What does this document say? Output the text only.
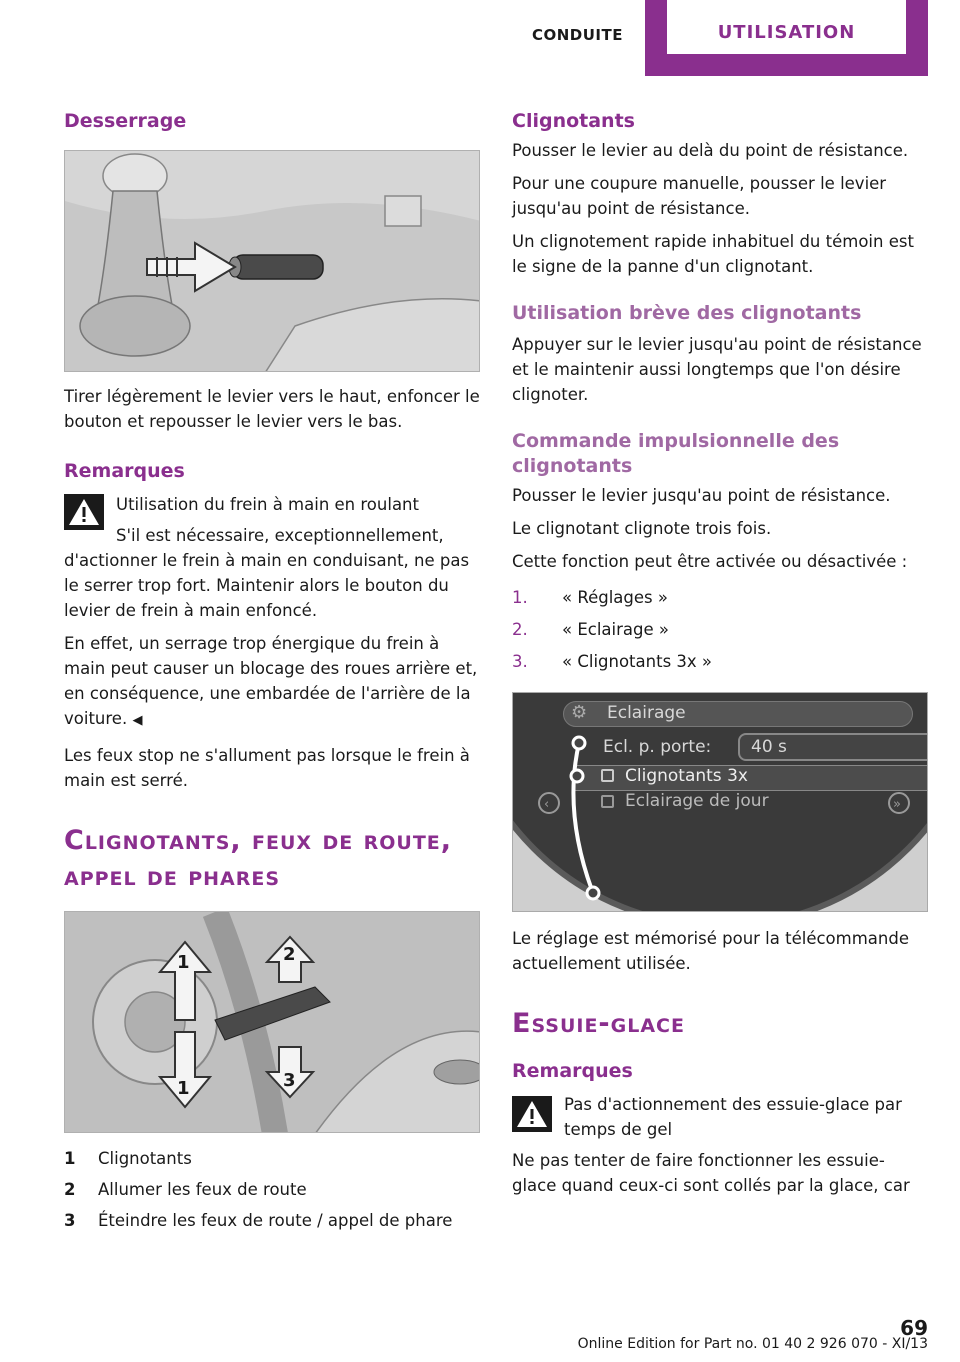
CONDUITE	UTILISATION
Desserrage

Tirer légèrement le levier vers le haut, enfoncer le bouton et repousser le levier vers le bas.

Remarques

Utilisation du frein à main en roulant

S'il est nécessaire, exceptionnellement,

d'actionner le frein à main en conduisant, ne pas le serrer trop fort. Maintenir alors le bouton du levier de frein à main enfoncé.

En effet, un serrage trop énergique du frein à main peut causer un blocage des roues arrière et, en conséquence, une embardée de l'arrière de la voiture. ◀

Les feux stop ne s'allument pas lorsque le frein à main est serré.

Clignotants, feux de route, appel de phares
1
1
2
3
1	Clignotants
2	Allumer les feux de route
3	Éteindre les feux de route / appel de phare
Clignotants

Pousser le levier au delà du point de résistance.

Pour une coupure manuelle, pousser le levier jusqu'au point de résistance.

Un clignotement rapide inhabituel du témoin est le signe de la panne d'un clignotant.

Utilisation brève des clignotants

Appuyer sur le levier jusqu'au point de résistance et le maintenir aussi longtemps que l'on désire clignoter.

Commande impulsionnelle des clignotants

Pousser le levier jusqu'au point de résistance.

Le clignotant clignote trois fois.

Cette fonction peut être activée ou désactivée :

1.	« Réglages »
2.	« Eclairage »
3.	« Clignotants 3x »
⚙ Eclairage
Ecl. p. porte: 40 s
Clignotants 3x
Eclairage de jour
‹	»

Le réglage est mémorisé pour la télécommande actuellement utilisée.

Essuie-glace
Remarques

Pas d'actionnement des essuie-glace par temps de gel

Ne pas tenter de faire fonctionner les essuie-glace quand ceux-ci sont collés par la glace, car

69
Online Edition for Part no. 01 40 2 926 070 - XI/13
